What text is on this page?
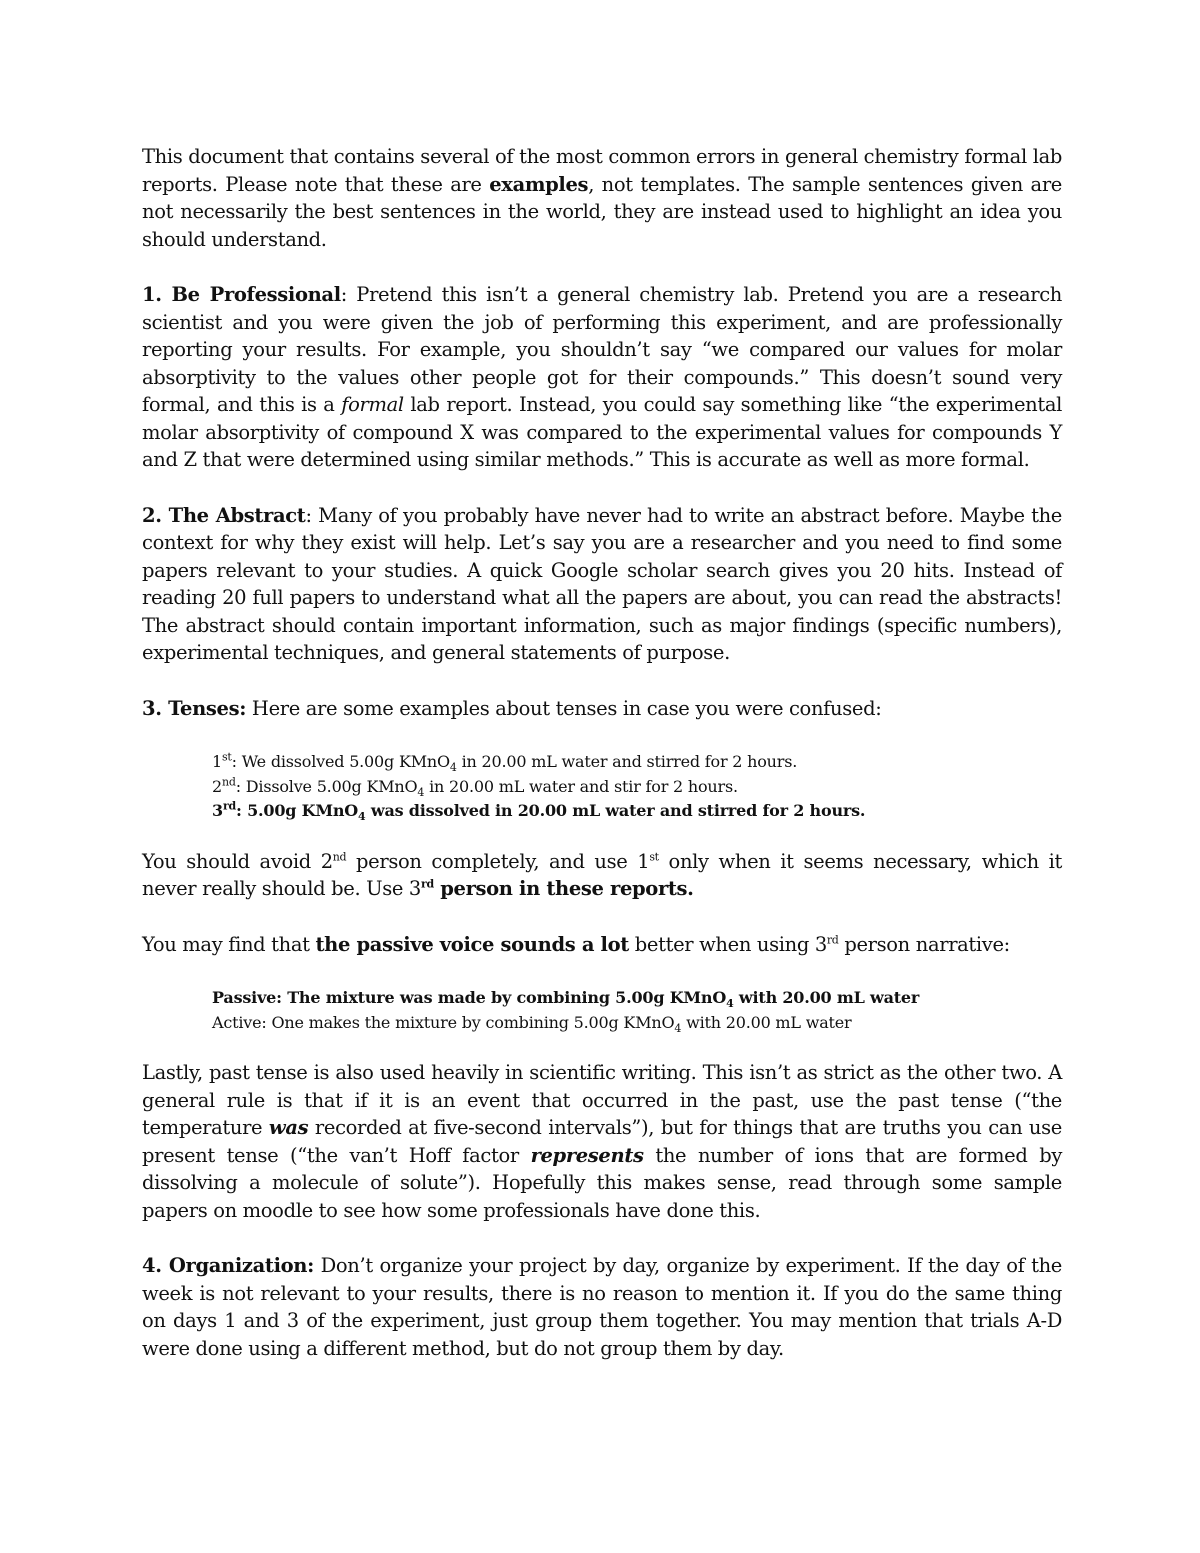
This document that contains several of the most common errors in general chemistry formal lab reports. Please note that these are examples, not templates. The sample sentences given are not necessarily the best sentences in the world, they are instead used to highlight an idea you should understand.

1. Be Professional: Pretend this isn’t a general chemistry lab. Pretend you are a research scientist and you were given the job of performing this experiment, and are professionally reporting your results. For example, you shouldn’t say “we compared our values for molar absorptivity to the values other people got for their compounds.” This doesn’t sound very formal, and this is a formal lab report. Instead, you could say something like “the experimental molar absorptivity of compound X was compared to the experimental values for compounds Y and Z that were determined using similar methods.” This is accurate as well as more formal.

2. The Abstract: Many of you probably have never had to write an abstract before. Maybe the context for why they exist will help. Let’s say you are a researcher and you need to find some papers relevant to your studies. A quick Google scholar search gives you 20 hits. Instead of reading 20 full papers to understand what all the papers are about, you can read the abstracts! The abstract should contain important information, such as major findings (specific numbers), experimental techniques, and general statements of purpose.

3. Tenses: Here are some examples about tenses in case you were confused:

1st: We dissolved 5.00g KMnO$_4$ in 20.00 mL water and stirred for 2 hours.
2nd: Dissolve 5.00g KMnO$_4$ in 20.00 mL water and stir for 2 hours.
3rd: 5.00g KMnO$_4$ was dissolved in 20.00 mL water and stirred for 2 hours.

You should avoid 2nd person completely, and use 1st only when it seems necessary, which it never really should be. Use 3rd person in these reports.

You may find that the passive voice sounds a lot better when using 3rd person narrative:

Passive: The mixture was made by combining 5.00g KMnO$_4$ with 20.00 mL water
Active: One makes the mixture by combining 5.00g KMnO$_4$ with 20.00 mL water

Lastly, past tense is also used heavily in scientific writing. This isn’t as strict as the other two. A general rule is that if it is an event that occurred in the past, use the past tense (“the temperature was recorded at five-second intervals”), but for things that are truths you can use present tense (“the van’t Hoff factor represents the number of ions that are formed by dissolving a molecule of solute”). Hopefully this makes sense, read through some sample papers on moodle to see how some professionals have done this.

4. Organization: Don’t organize your project by day, organize by experiment. If the day of the week is not relevant to your results, there is no reason to mention it. If you do the same thing on days 1 and 3 of the experiment, just group them together. You may mention that trials A-D were done using a different method, but do not group them by day.
